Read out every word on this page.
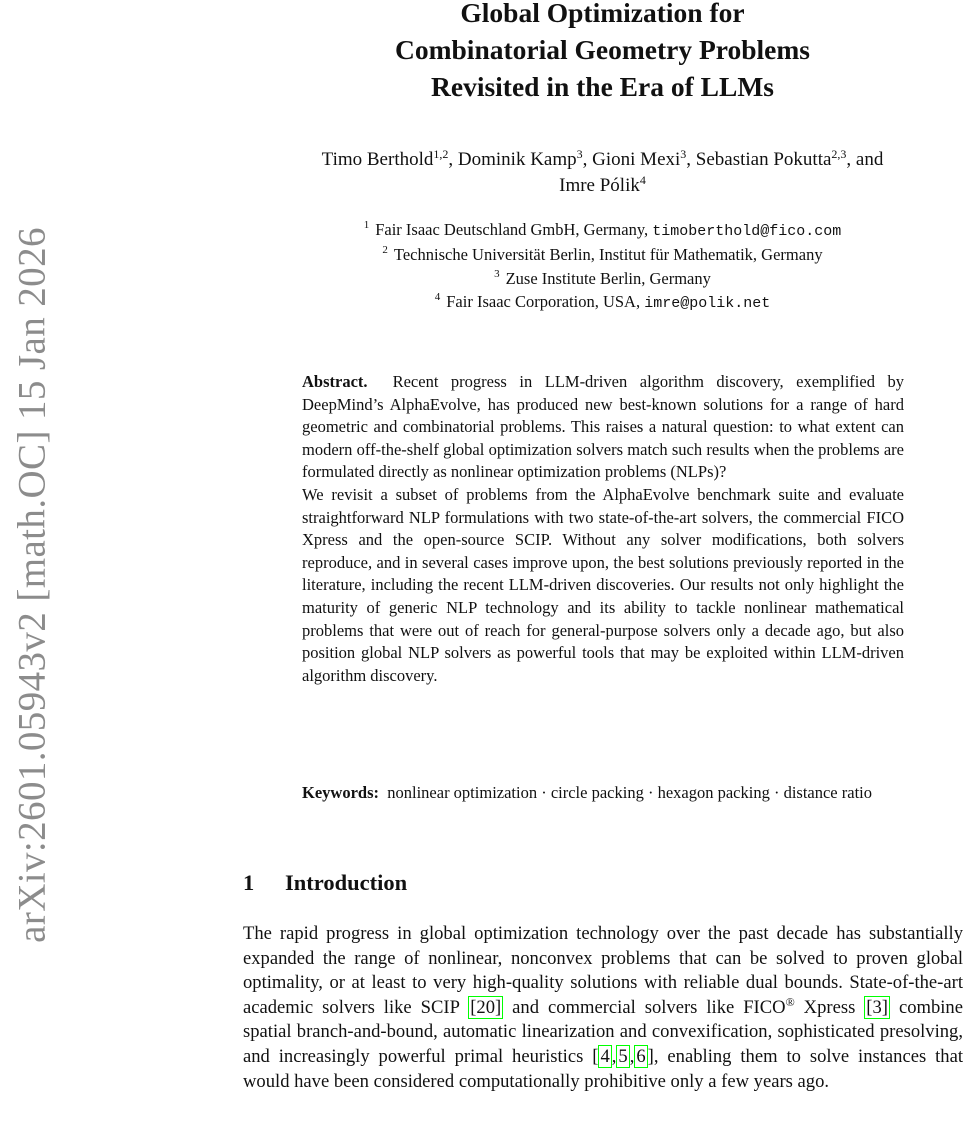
arXiv:2601.05943v2 [math.OC] 15 Jan 2026
Global Optimization for
Combinatorial Geometry Problems
Revisited in the Era of LLMs
Timo Berthold$^{1,2}$, Dominik Kamp$^3$, Gioni Mexi$^3$, Sebastian Pokutta$^{2,3}$, and
Imre Pólik$^4$
$^1$ Fair Isaac Deutschland GmbH, Germany, timoberthold@fico.com
$^2$ Technische Universität Berlin, Institut für Mathematik, Germany
$^3$ Zuse Institute Berlin, Germany
$^4$ Fair Isaac Corporation, USA, imre@polik.net

Abstract. Recent progress in LLM-driven algorithm discovery, exemplified by DeepMind’s AlphaEvolve, has produced new best-known solutions for a range of hard geometric and combinatorial problems. This raises a natural question: to what extent can modern off-the-shelf global optimization solvers match such results when the problems are formulated directly as nonlinear optimization problems (NLPs)?

We revisit a subset of problems from the AlphaEvolve benchmark suite and evaluate straightforward NLP formulations with two state-of-the-art solvers, the commercial FICO Xpress and the open-source SCIP. Without any solver modifications, both solvers reproduce, and in several cases improve upon, the best solutions previously reported in the literature, including the recent LLM-driven discoveries. Our results not only highlight the maturity of generic NLP technology and its ability to tackle nonlinear mathematical problems that were out of reach for general-purpose solvers only a decade ago, but also position global NLP solvers as powerful tools that may be exploited within LLM-driven algorithm discovery.

Keywords: nonlinear optimization · circle packing · hexagon packing · distance ratio
1 Introduction

The rapid progress in global optimization technology over the past decade has substantially expanded the range of nonlinear, nonconvex problems that can be solved to proven global optimality, or at least to very high-quality solutions with reliable dual bounds. State-of-the-art academic solvers like SCIP [20] and commercial solvers like FICO® Xpress [3] combine spatial branch-and-bound, automatic linearization and convexification, sophisticated presolving, and increasingly powerful primal heuristics [ 4 , 5 , 6 ], enabling them to solve instances that would have been considered computationally prohibitive only a few years ago.
